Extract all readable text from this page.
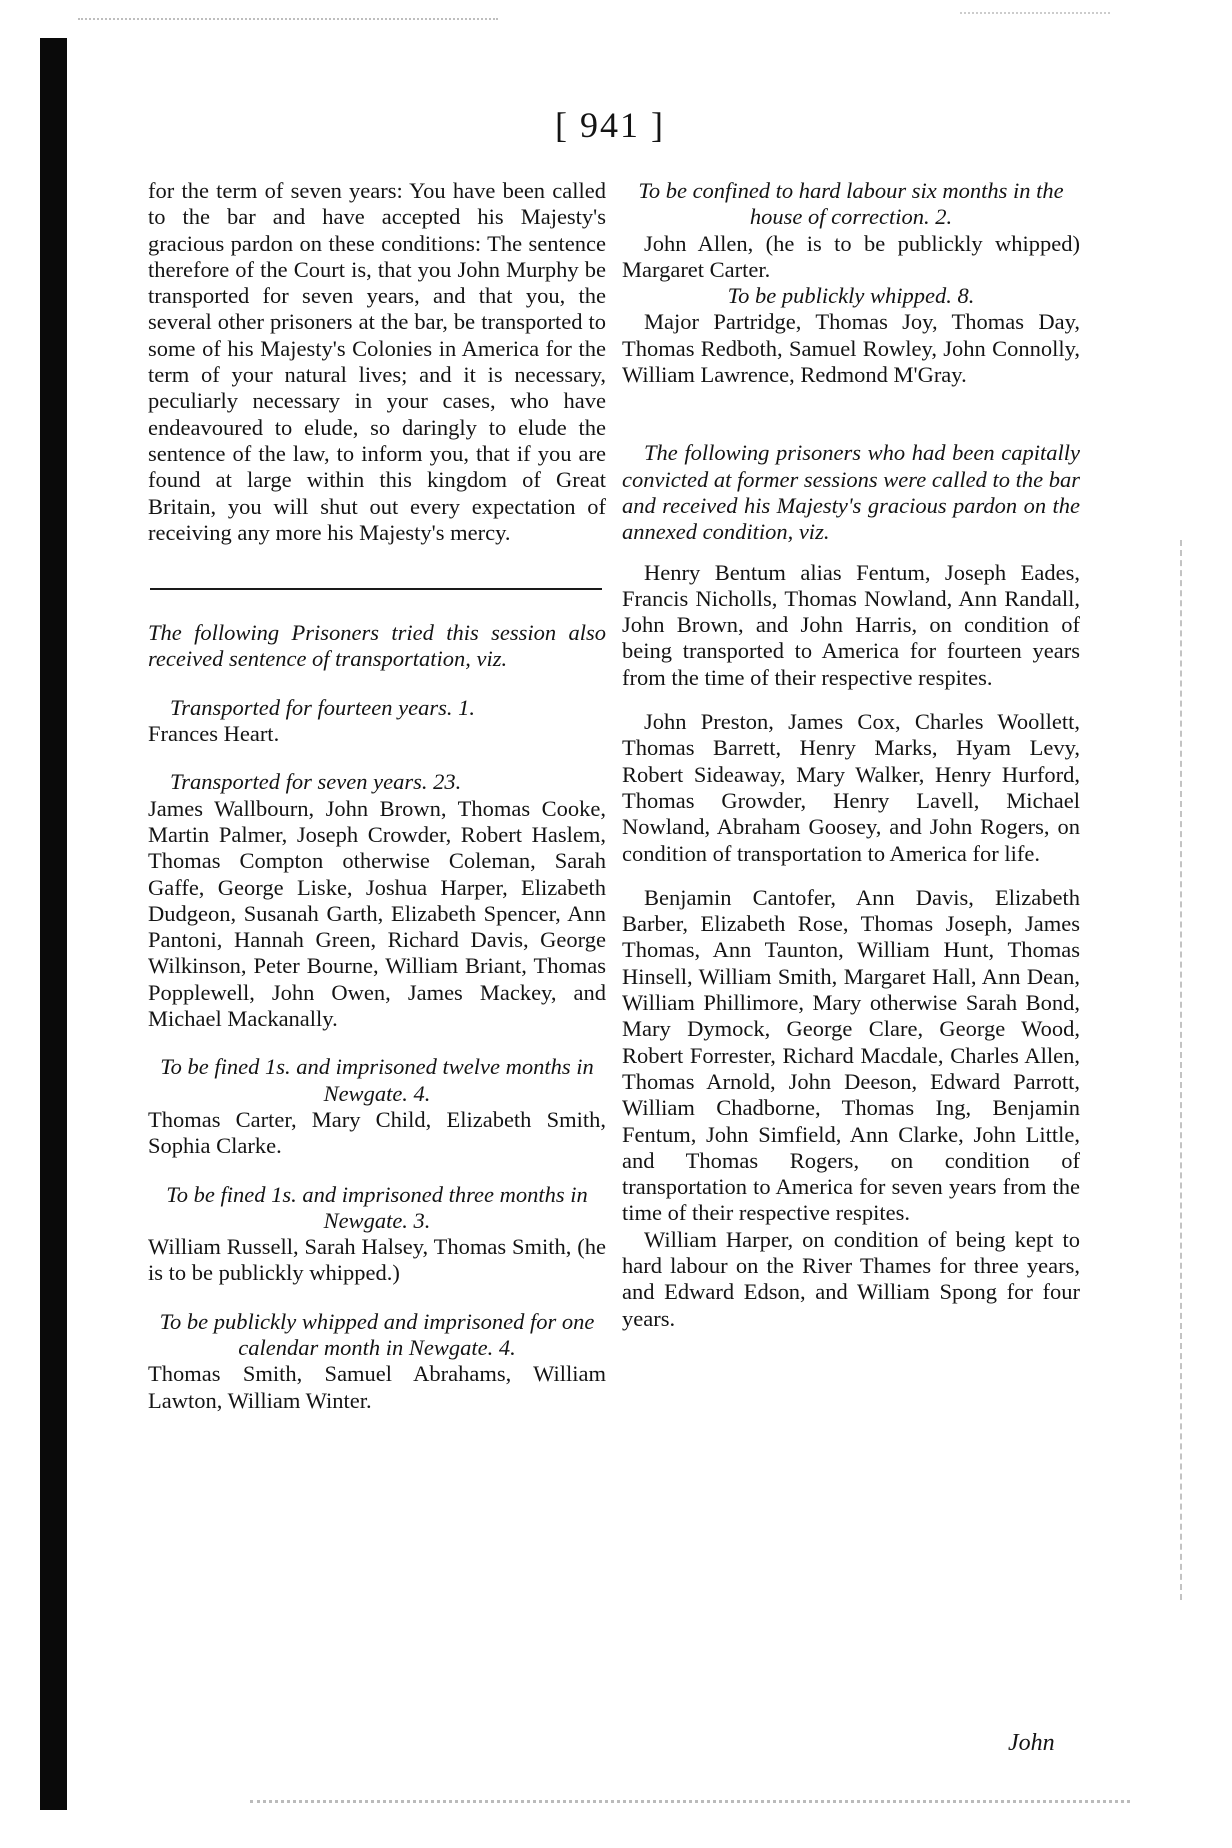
[ 941 ]

for the term of seven years: You have been called to the bar and have accepted his Majesty's gracious pardon on these conditions: The sentence therefore of the Court is, that you John Murphy be transported for seven years, and that you, the several other prisoners at the bar, be transported to some of his Majesty's Colonies in America for the term of your natural lives; and it is necessary, peculiarly necessary in your cases, who have endeavoured to elude, so daringly to elude the sentence of the law, to inform you, that if you are found at large within this kingdom of Great Britain, you will shut out every expectation of receiving any more his Majesty's mercy.

The following Prisoners tried this session also received sentence of transportation, viz.

Transported for fourteen years. 1.

Frances Heart.

Transported for seven years. 23.

James Wallbourn, John Brown, Thomas Cooke, Martin Palmer, Joseph Crowder, Robert Haslem, Thomas Compton otherwise Coleman, Sarah Gaffe, George Liske, Joshua Harper, Elizabeth Dudgeon, Susanah Garth, Elizabeth Spencer, Ann Pantoni, Hannah Green, Richard Davis, George Wilkinson, Peter Bourne, William Briant, Thomas Popplewell, John Owen, James Mackey, and Michael Mackanally.

To be fined 1s. and imprisoned twelve months in Newgate. 4.

Thomas Carter, Mary Child, Elizabeth Smith, Sophia Clarke.

To be fined 1s. and imprisoned three months in Newgate. 3.

William Russell, Sarah Halsey, Thomas Smith, (he is to be publickly whipped.)

To be publickly whipped and imprisoned for one calendar month in Newgate. 4.

Thomas Smith, Samuel Abrahams, William Lawton, William Winter.

To be confined to hard labour six months in the house of correction. 2.

John Allen, (he is to be publickly whipped) Margaret Carter.

To be publickly whipped. 8.

Major Partridge, Thomas Joy, Thomas Day, Thomas Redboth, Samuel Rowley, John Connolly, William Lawrence, Redmond M'Gray.

The following prisoners who had been capitally convicted at former sessions were called to the bar and received his Majesty's gracious pardon on the annexed condition, viz.

Henry Bentum alias Fentum, Joseph Eades, Francis Nicholls, Thomas Nowland, Ann Randall, John Brown, and John Harris, on condition of being transported to America for fourteen years from the time of their respective respites.

John Preston, James Cox, Charles Woollett, Thomas Barrett, Henry Marks, Hyam Levy, Robert Sideaway, Mary Walker, Henry Hurford, Thomas Growder, Henry Lavell, Michael Nowland, Abraham Goosey, and John Rogers, on condition of transportation to America for life.

Benjamin Cantofer, Ann Davis, Elizabeth Barber, Elizabeth Rose, Thomas Joseph, James Thomas, Ann Taunton, William Hunt, Thomas Hinsell, William Smith, Margaret Hall, Ann Dean, William Phillimore, Mary otherwise Sarah Bond, Mary Dymock, George Clare, George Wood, Robert Forrester, Richard Macdale, Charles Allen, Thomas Arnold, John Deeson, Edward Parrott, William Chadborne, Thomas Ing, Benjamin Fentum, John Simfield, Ann Clarke, John Little, and Thomas Rogers, on condition of transportation to America for seven years from the time of their respective respites.

William Harper, on condition of being kept to hard labour on the River Thames for three years, and Edward Edson, and William Spong for four years.

John
